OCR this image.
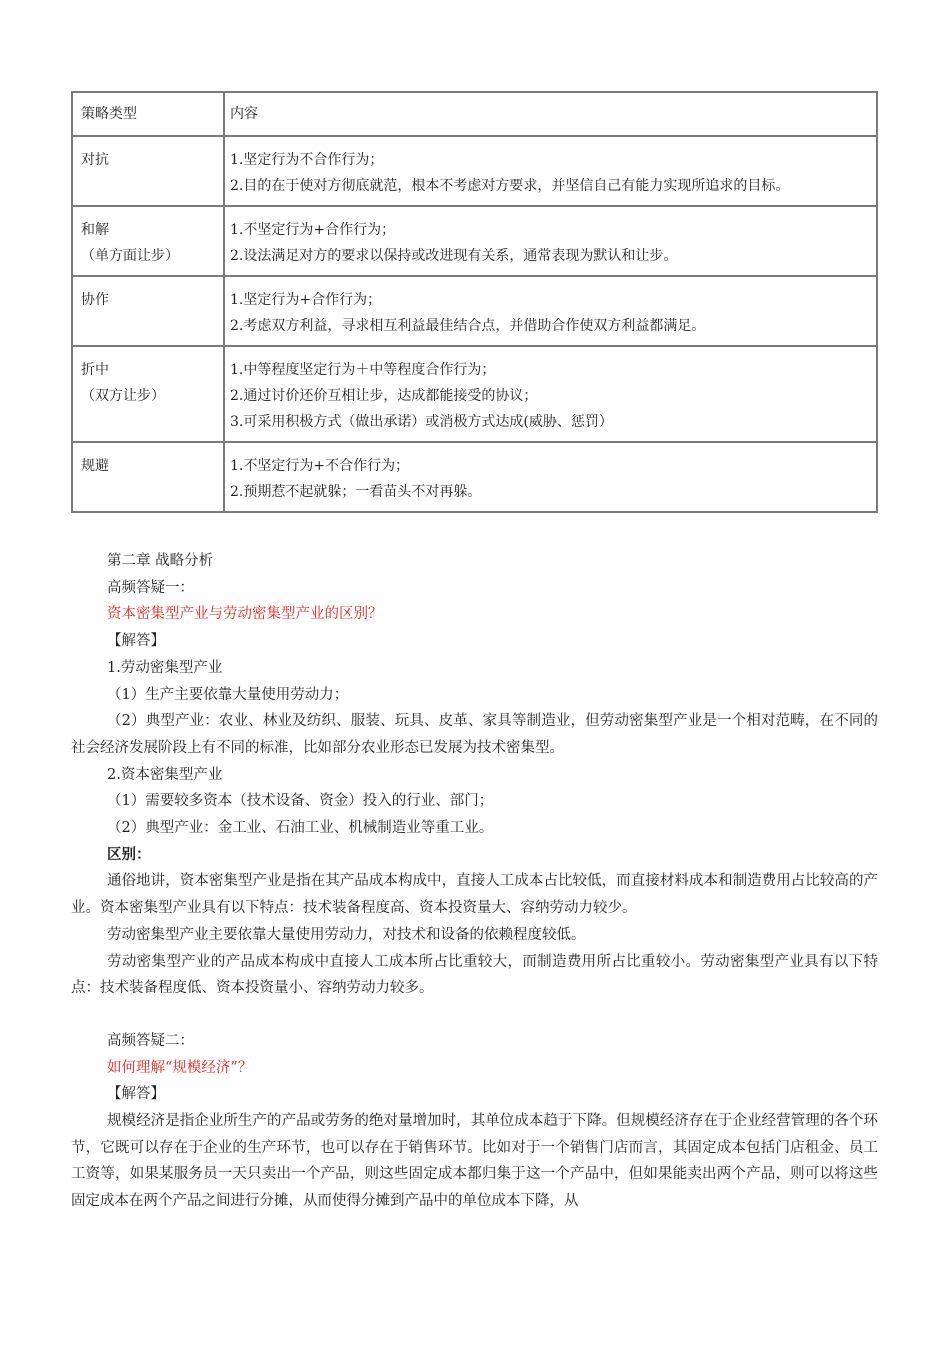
策略类型	内容

对抗	1.坚定行为不合作行为；
2.目的在于使对方彻底就范，根本不考虑对方要求，并坚信自己有能力实现所追求的目标。

和解
（单方面让步）	1.不坚定行为+合作行为；
2.设法满足对方的要求以保持或改进现有关系，通常表现为默认和让步。

协作	1.坚定行为+合作行为；
2.考虑双方利益，寻求相互利益最佳结合点，并借助合作使双方利益都满足。

折中
（双方让步）	1.中等程度坚定行为＋中等程度合作行为；
2.通过讨价还价互相让步，达成都能接受的协议；
3.可采用积极方式（做出承诺）或消极方式达成(威胁、惩罚）

规避	1.不坚定行为+不合作行为；
2.预期惹不起就躲；一看苗头不对再躲。

第二章 战略分析

高频答疑一：

资本密集型产业与劳动密集型产业的区别？

【解答】

1.劳动密集型产业

（1）生产主要依靠大量使用劳动力；

（2）典型产业：农业、林业及纺织、服装、玩具、皮革、家具等制造业，但劳动密集型产业是一个相对范畴，在不同的社会经济发展阶段上有不同的标准，比如部分农业形态已发展为技术密集型。

2.资本密集型产业

（1）需要较多资本（技术设备、资金）投入的行业、部门；

（2）典型产业：金工业、石油工业、机械制造业等重工业。

区别：

通俗地讲，资本密集型产业是指在其产品成本构成中，直接人工成本占比较低，而直接材料成本和制造费用占比较高的产业。资本密集型产业具有以下特点：技术装备程度高、资本投资量大、容纳劳动力较少。

劳动密集型产业主要依靠大量使用劳动力，对技术和设备的依赖程度较低。

劳动密集型产业的产品成本构成中直接人工成本所占比重较大，而制造费用所占比重较小。劳动密集型产业具有以下特点：技术装备程度低、资本投资量小、容纳劳动力较多。

高频答疑二：

如何理解“规模经济”？

【解答】

规模经济是指企业所生产的产品或劳务的绝对量增加时，其单位成本趋于下降。但规模经济存在于企业经营管理的各个环节，它既可以存在于企业的生产环节，也可以存在于销售环节。比如对于一个销售门店而言，其固定成本包括门店租金、员工工资等，如果某服务员一天只卖出一个产品，则这些固定成本都归集于这一个产品中，但如果能卖出两个产品，则可以将这些固定成本在两个产品之间进行分摊，从而使得分摊到产品中的单位成本下降，从
